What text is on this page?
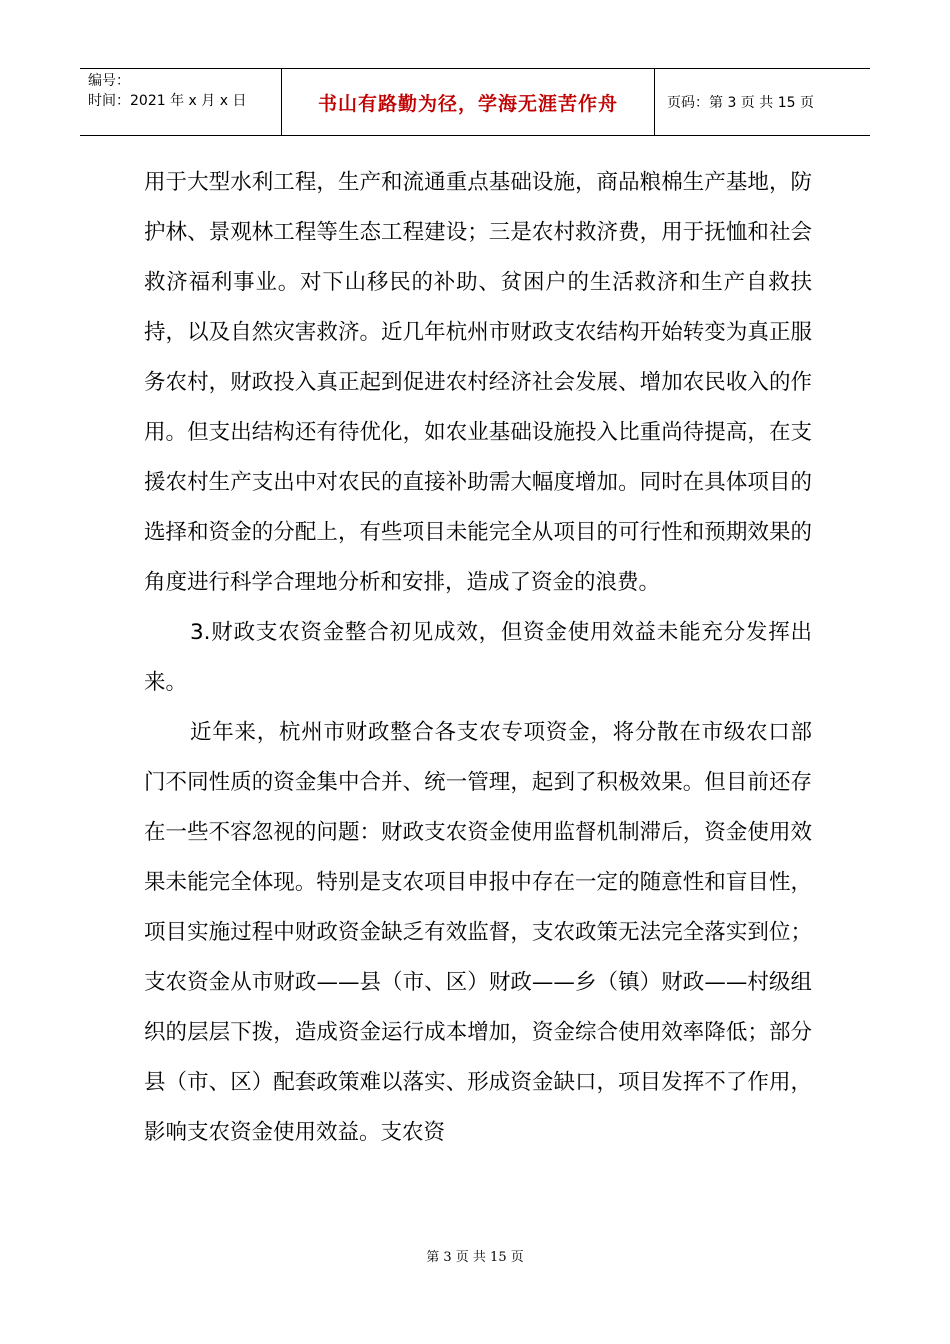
编号：
时间：2021 年 x 月 x 日	书山有路勤为径，学海无涯苦作舟	页码：第 3 页 共 15 页

用于大型水利工程，生产和流通重点基础设施，商品粮棉生产基地，防护林、景观林工程等生态工程建设；三是农村救济费，用于抚恤和社会救济福利事业。对下山移民的补助、贫困户的生活救济和生产自救扶持，以及自然灾害救济。近几年杭州市财政支农结构开始转变为真正服务农村，财政投入真正起到促进农村经济社会发展、增加农民收入的作用。但支出结构还有待优化，如农业基础设施投入比重尚待提高，在支援农村生产支出中对农民的直接补助需大幅度增加。同时在具体项目的选择和资金的分配上，有些项目未能完全从项目的可行性和预期效果的角度进行科学合理地分析和安排，造成了资金的浪费。

3.财政支农资金整合初见成效，但资金使用效益未能充分发挥出来。

近年来，杭州市财政整合各支农专项资金，将分散在市级农口部门不同性质的资金集中合并、统一管理，起到了积极效果。但目前还存在一些不容忽视的问题：财政支农资金使用监督机制滞后，资金使用效果未能完全体现。特别是支农项目申报中存在一定的随意性和盲目性，项目实施过程中财政资金缺乏有效监督，支农政策无法完全落实到位；支农资金从市财政——县（市、区）财政——乡（镇）财政——村级组织的层层下拨，造成资金运行成本增加，资金综合使用效率降低；部分县（市、区）配套政策难以落实、形成资金缺口，项目发挥不了作用，影响支农资金使用效益。支农资

第 3 页 共 15 页
